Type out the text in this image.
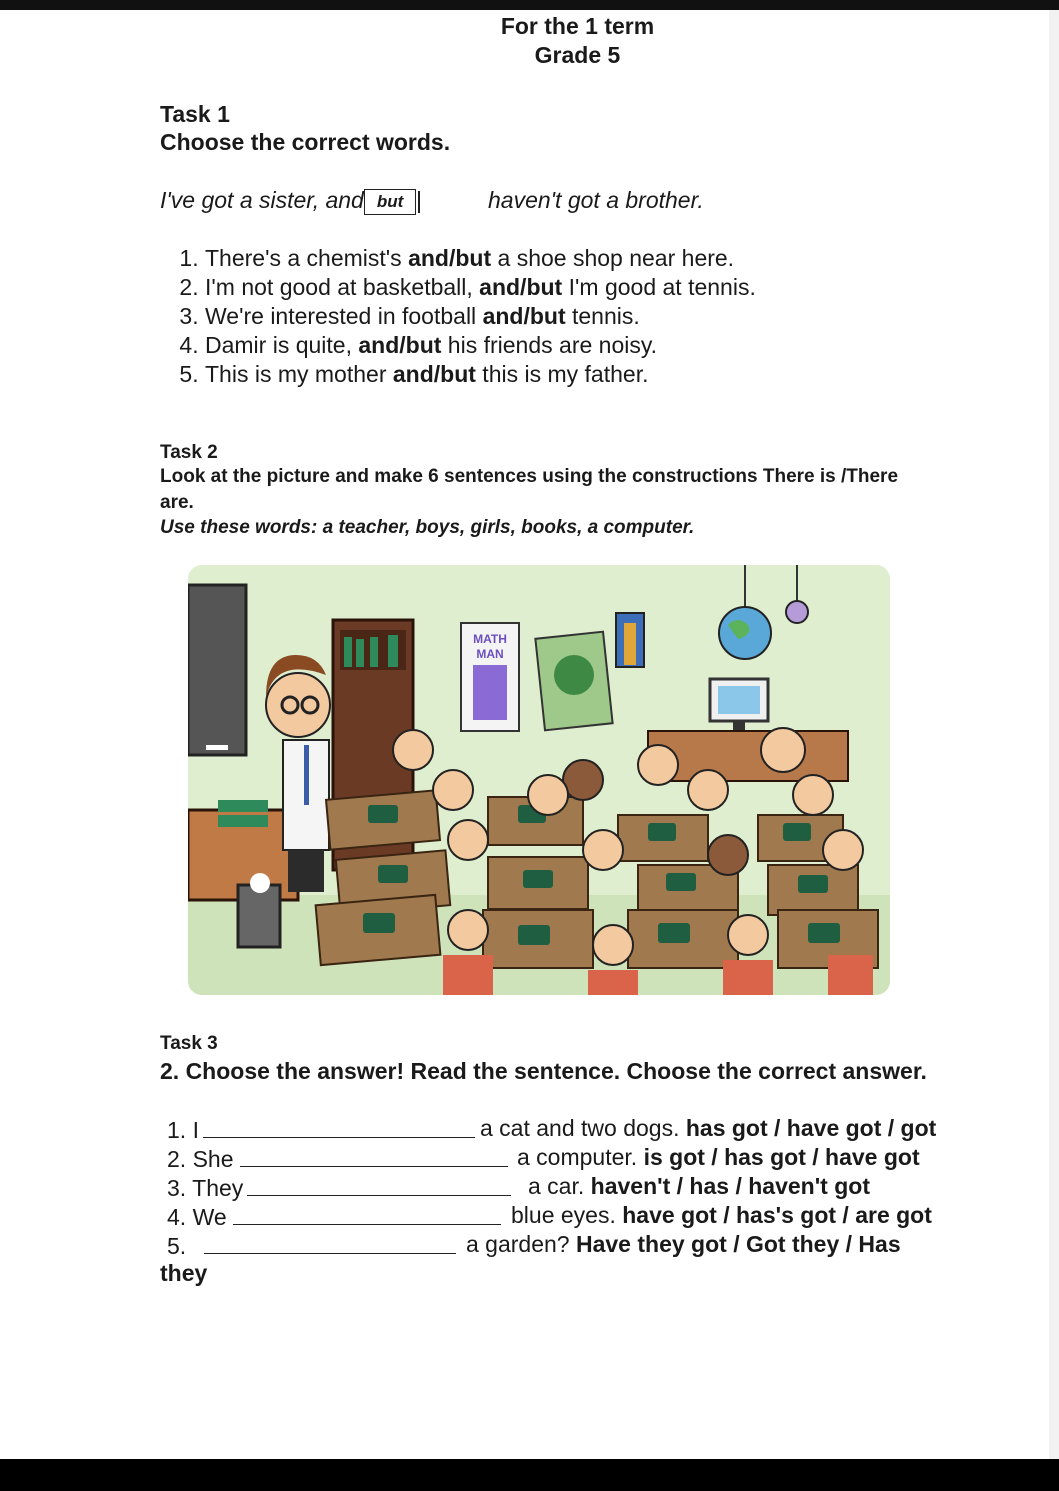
For the 1 term
Grade 5
Task 1
Choose the correct words.
I've got a sister, and but	haven't got a brother.
1. There's a chemist's and/but a shoe shop near here.
2. I'm not good at basketball, and/but I'm good at tennis.
3. We're interested in football and/but tennis.
4. Damir is quite, and/but his friends are noisy.
5. This is my mother and/but this is my father.
Task 2
Look at the picture and make 6 sentences using the constructions There is /There
are.
Use these words: a teacher, boys, girls, books, a computer.
MATH
MAN
Task 3
2. Choose the answer! Read the sentence. Choose the correct answer.
1. I	a cat and two dogs. has got / have got / got
2. She	a computer. is got / has got / have got
3. They	a car. haven't / has / haven't got
4. We	blue eyes. have got / has's got / are got
5.	a garden? Have they got / Got they / Has
they
